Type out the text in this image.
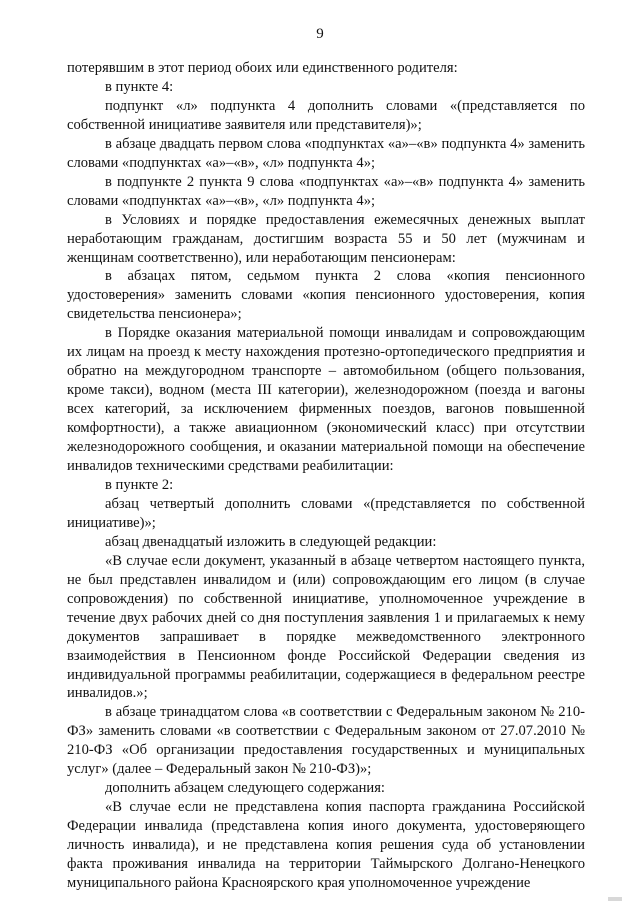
9

потерявшим в этот период обоих или единственного родителя:

в пункте 4:

подпункт «л» подпункта 4 дополнить словами «(представляется по собственной инициативе заявителя или представителя)»;

в абзаце двадцать первом слова «подпунктах «а»–«в» подпункта 4» заменить словами «подпунктах «а»–«в», «л» подпункта 4»;

в подпункте 2 пункта 9 слова «подпунктах «а»–«в» подпункта 4» заменить словами «подпунктах «а»–«в», «л» подпункта 4»;

в Условиях и порядке предоставления ежемесячных денежных выплат неработающим гражданам, достигшим возраста 55 и 50 лет (мужчинам и женщинам соответственно), или неработающим пенсионерам:

в абзацах пятом, седьмом пункта 2 слова «копия пенсионного удостоверения» заменить словами «копия пенсионного удостоверения, копия свидетельства пенсионера»;

в Порядке оказания материальной помощи инвалидам и сопровождающим их лицам на проезд к месту нахождения протезно-ортопедического предприятия и обратно на междугородном транспорте – автомобильном (общего пользования, кроме такси), водном (места III категории), железнодорожном (поезда и вагоны всех категорий, за исключением фирменных поездов, вагонов повышенной комфортности), а также авиационном (экономический класс) при отсутствии железнодорожного сообщения, и оказании материальной помощи на обеспечение инвалидов техническими средствами реабилитации:

в пункте 2:

абзац четвертый дополнить словами «(представляется по собственной инициативе)»;

абзац двенадцатый изложить в следующей редакции:

«В случае если документ, указанный в абзаце четвертом настоящего пункта, не был представлен инвалидом и (или) сопровождающим его лицом (в случае сопровождения) по собственной инициативе, уполномоченное учреждение в течение двух рабочих дней со дня поступления заявления 1 и прилагаемых к нему документов запрашивает в порядке межведомственного электронного взаимодействия в Пенсионном фонде Российской Федерации сведения из индивидуальной программы реабилитации, содержащиеся в федеральном реестре инвалидов.»;

в абзаце тринадцатом слова «в соответствии с Федеральным законом № 210-ФЗ» заменить словами «в соответствии с Федеральным законом от 27.07.2010 № 210-ФЗ «Об организации предоставления государственных и муниципальных услуг» (далее – Федеральный закон № 210-ФЗ)»;

дополнить абзацем следующего содержания:

«В случае если не представлена копия паспорта гражданина Российской Федерации инвалида (представлена копия иного документа, удостоверяющего личность инвалида), и не представлена копия решения суда об установлении факта проживания инвалида на территории Таймырского Долгано-Ненецкого муниципального района Красноярского края уполномоченное учреждение
